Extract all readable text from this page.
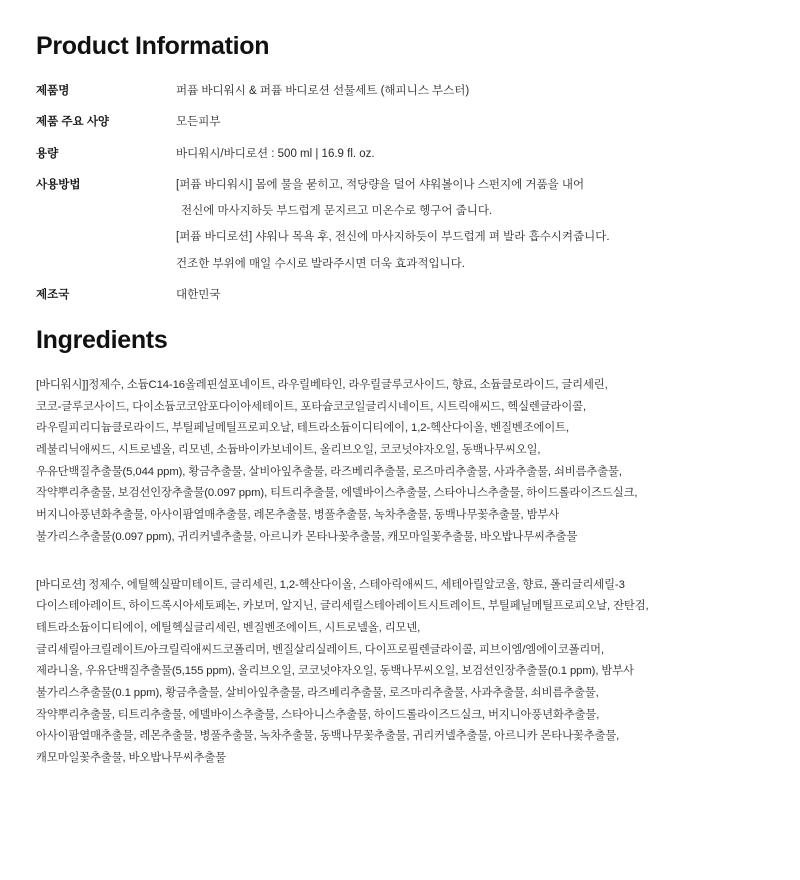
Product Information
제품명	퍼퓸 바디워시 & 퍼퓸 바디로션 선물세트 (해피니스 부스터)

제품 주요 사양	모든피부

용량	바디워시/바디로션 : 500 ml | 16.9 fl. oz.

사용방법	[퍼퓸 바디워시] 몸에 물을 묻히고, 적당량을 덜어 샤워볼이나 스펀지에 거품을 내어
전신에 마사지하듯 부드럽게 문지르고 미온수로 헹구어 줍니다.
[퍼퓸 바디로션] 샤워나 목욕 후, 전신에 마사지하듯이 부드럽게 펴 발라 흡수시켜줍니다.
건조한 부위에 매일 수시로 발라주시면 더욱 효과적입니다.

제조국	대한민국
Ingredients
[바디워시]]정제수, 소듐C14-16올레핀설포네이트, 라우릴베타인, 라우릴글루코사이드, 향료, 소듐클로라이드, 글리세린,
코코-글루코사이드, 다이소듐코코암포다이아세테이트, 포타슘코코일글리시네이트, 시트릭애씨드, 헥실렌글라이콜,
라우릴피리디늄클로라이드, 부틸페닐메틸프로피오날, 테트라소듐이디티에이, 1,2-헥산다이올, 벤질벤조에이트,
레불리닉애씨드, 시트로넬올, 리모넨, 소듐바이카보네이트, 올리브오일, 코코넛야자오일, 동백나무씨오일,
우유단백질추출물(5,044 ppm), 황금추출물, 살비아잎추출물, 라즈베리추출물, 로즈마리추출물, 사과추출물, 쇠비름추출물,
작약뿌리추출물, 보검선인장추출물(0.097 ppm), 티트리추출물, 에델바이스추출물, 스타아니스추출물, 하이드롤라이즈드실크,
버지니아풍년화추출물, 아사이팜열매추출물, 레몬추출물, 병풀추출물, 녹차추출물, 동백나무꽃추출물, 밤부사
불가리스추출물(0.097 ppm), 귀리커넬추출물, 아르니카 몬타나꽃추출물, 캐모마일꽃추출물, 바오밥나무씨추출물
[바디로션] 정제수, 에틸헥실팔미테이트, 글리세린, 1,2-헥산다이올, 스테아릭애씨드, 세테아릴알코올, 향료, 폴리글리세릴-3
다이스테아레이트, 하이드록시아세토페논, 카보머, 알지닌, 글리세릴스테아레이트시트레이트, 부틸페닐메틸프로피오날, 잔탄검,
테트라소듐이디티에이, 에틸헥실글리세린, 벤질벤조에이트, 시트로넬올, 리모넨,
글리세릴아크릴레이트/아크릴릭애씨드코폴리머, 벤질살리실레이트, 다이프로필렌글라이콜, 피브이엠/엠에이코폴리머,
제라니올, 우유단백질추출물(5,155 ppm), 올리브오일, 코코넛야자오일, 동백나무씨오일, 보검선인장추출물(0.1 ppm), 밤부사
불가리스추출물(0.1 ppm), 황금추출물, 살비아잎추출물, 라즈베리추출물, 로즈마리추출물, 사과추출물, 쇠비름추출물,
작약뿌리추출물, 티트리추출물, 에델바이스추출물, 스타아니스추출물, 하이드롤라이즈드실크, 버지니아풍년화추출물,
아사이팜열매추출물, 레몬추출물, 병풀추출물, 녹차추출물, 동백나무꽃추출물, 귀리커넬추출물, 아르니카 몬타나꽃추출물,
캐모마일꽃추출물, 바오밥나무씨추출물
